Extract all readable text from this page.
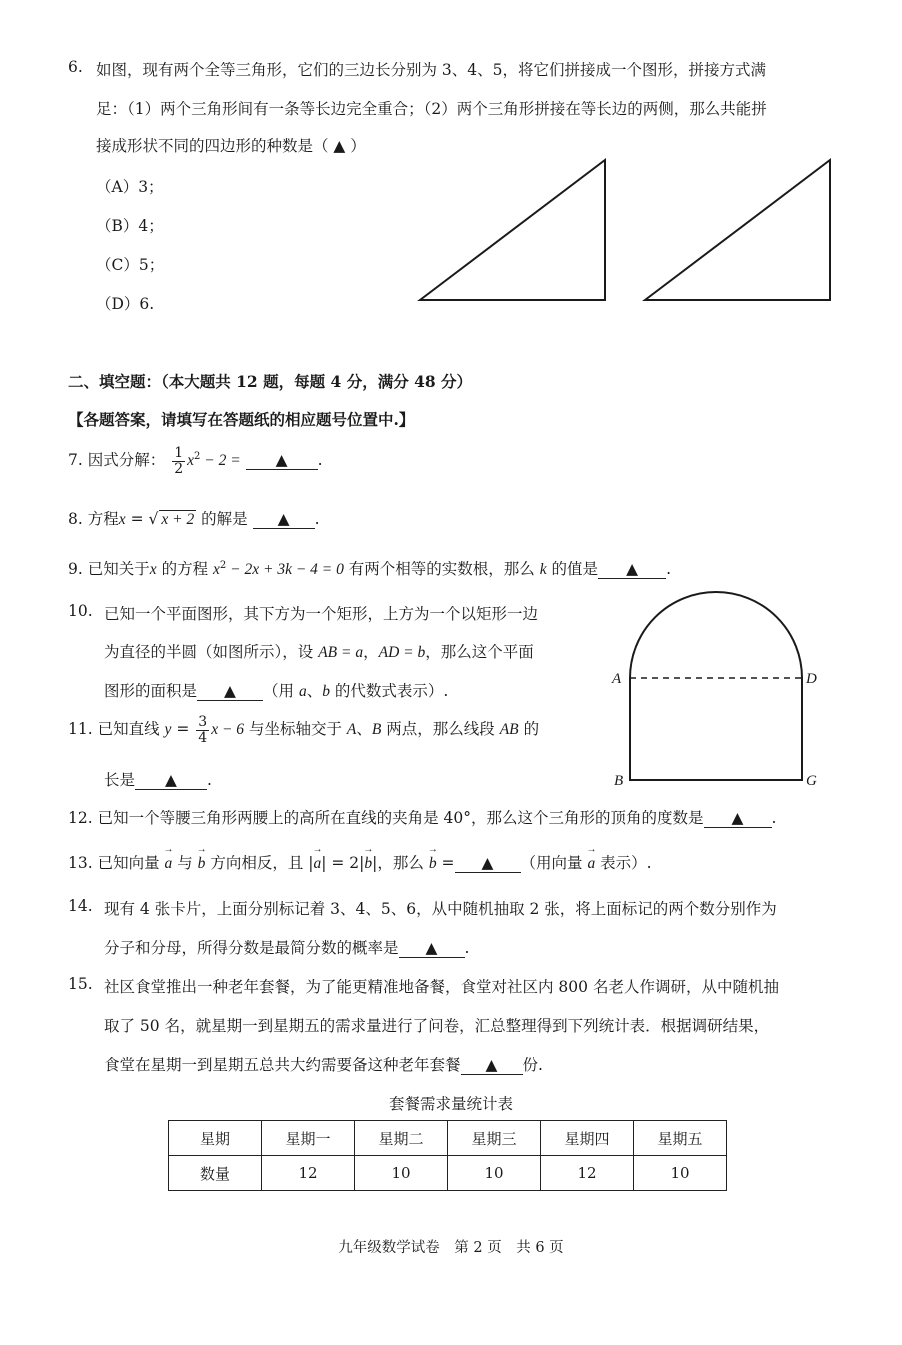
6. 如图，现有两个全等三角形，它们的三边长分别为 3、4、5，将它们拼接成一个图形，拼接方式满
足：（1）两个三角形间有一条等长边完全重合；（2）两个三角形拼接在等长边的两侧，那么共能拼
接成形状不同的四边形的种数是（ ▲ ）
（A）3；
（B）4；
（C）5；
（D）6.
二、填空题：（本大题共 12 题，每题 4 分，满分 48 分）
【各题答案，请填写在答题纸的相应题号位置中.】
7. 因式分解： $\frac{1}{2} x^2 - 2$ = ▲ .
8. 方程x = √ x + 2 的解是 ▲ .
9. 已知关于x 的方程 $x^2 - 2x + 3k - 4 = 0$ 有两个相等的实数根，那么 k 的值是 ▲ .
10. 已知一个平面图形，其下方为一个矩形，上方为一个以矩形一边
为直径的半圆（如图所示），设 AB = a，AD = b，那么这个平面
图形的面积是 ▲ （用 a、b 的代数式表示）.
A	D
B	G
11. 已知直线 $y = \frac{3}{4}$ x − 6 与坐标轴交于 A、B 两点，那么线段 AB 的
长是 ▲ .
12. 已知一个等腰三角形两腰上的高所在直线的夹角是 40°，那么这个三角形的顶角的度数是 ▲ .
13. 已知向量 → a 与 → b 方向相反，且 |→ a| = 2|→ b|，那么 → b = ▲ （用向量 → a 表示）.
14. 现有 4 张卡片，上面分别标记着 3、4、5、6，从中随机抽取 2 张，将上面标记的两个数分别作为
分子和分母，所得分数是最简分数的概率是 ▲ .
15. 社区食堂推出一种老年套餐，为了能更精准地备餐，食堂对社区内 800 名老人作调研，从中随机抽
取了 50 名，就星期一到星期五的需求量进行了问卷，汇总整理得到下列统计表．根据调研结果，
食堂在星期一到星期五总共大约需要备这种老年套餐 ▲ 份.
套餐需求量统计表
星期	星期一	星期二	星期三	星期四	星期五
数量	12	10	10	12	10
九年级数学试卷　第 2 页　共 6 页
